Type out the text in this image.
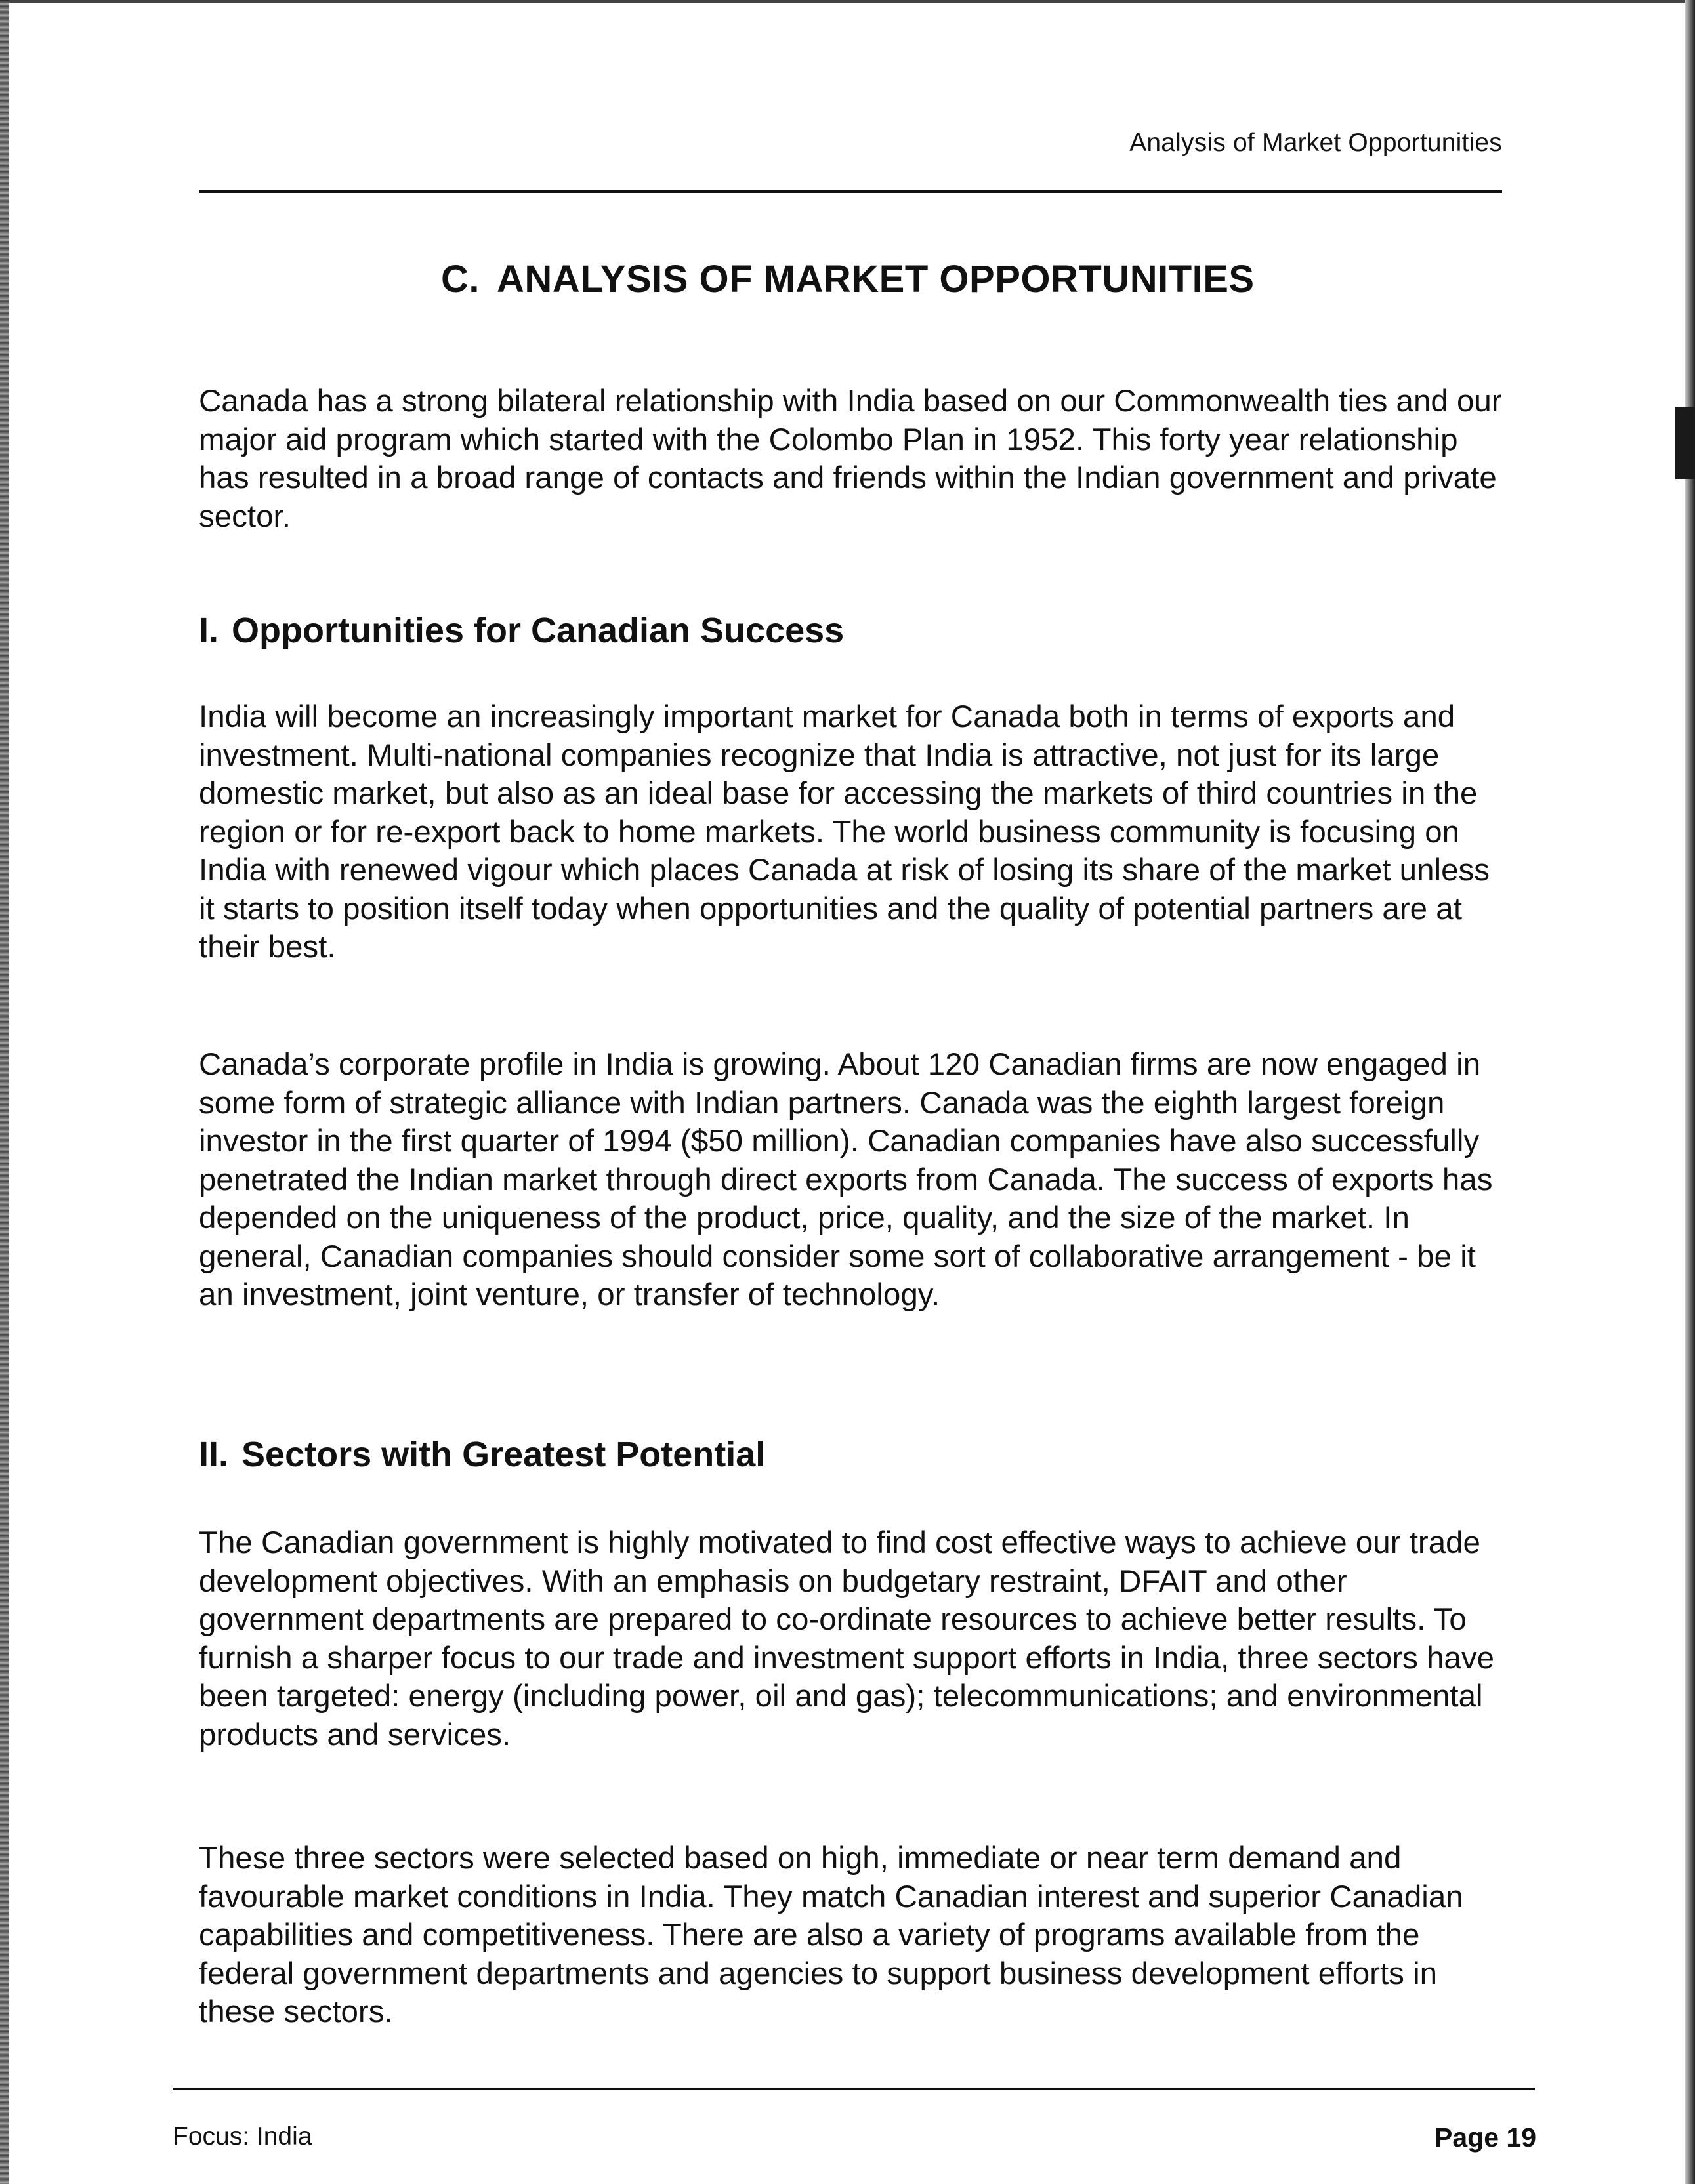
Analysis of Market Opportunities
C. ANALYSIS OF MARKET OPPORTUNITIES

Canada has a strong bilateral relationship with India based on our Commonwealth ties and our major aid program which started with the Colombo Plan in 1952. This forty year relationship has resulted in a broad range of contacts and friends within the Indian government and private sector.

I. Opportunities for Canadian Success

India will become an increasingly important market for Canada both in terms of exports and investment. Multi-national companies recognize that India is attractive, not just for its large domestic market, but also as an ideal base for accessing the markets of third countries in the region or for re-export back to home markets. The world business community is focusing on India with renewed vigour which places Canada at risk of losing its share of the market unless it starts to position itself today when opportunities and the quality of potential partners are at their best.

Canada’s corporate profile in India is growing. About 120 Canadian firms are now engaged in some form of strategic alliance with Indian partners. Canada was the eighth largest foreign investor in the first quarter of 1994 ($50 million). Canadian companies have also successfully penetrated the Indian market through direct exports from Canada. The success of exports has depended on the uniqueness of the product, price, quality, and the size of the market. In general, Canadian companies should consider some sort of collaborative arrangement - be it an investment, joint venture, or transfer of technology.

II. Sectors with Greatest Potential

The Canadian government is highly motivated to find cost effective ways to achieve our trade development objectives. With an emphasis on budgetary restraint, DFAIT and other government departments are prepared to co-ordinate resources to achieve better results. To furnish a sharper focus to our trade and investment support efforts in India, three sectors have been targeted: energy (including power, oil and gas); telecommunications; and environmental products and services.

These three sectors were selected based on high, immediate or near term demand and favourable market conditions in India. They match Canadian interest and superior Canadian capabilities and competitiveness. There are also a variety of programs available from the federal government departments and agencies to support business development efforts in these sectors.

Focus: India	Page 19
